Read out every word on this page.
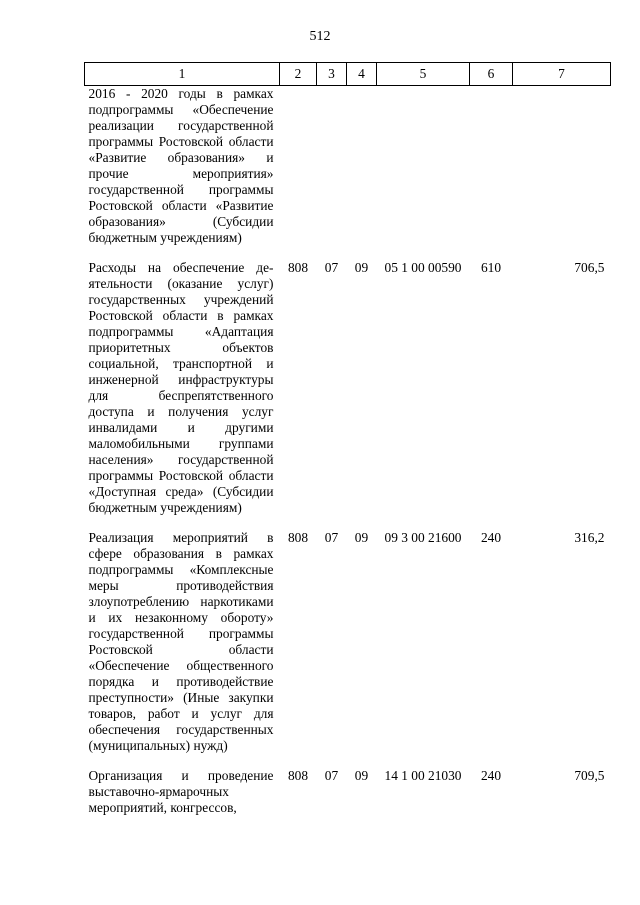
512
1	2	3	4	5	6	7
2016 - 2020 годы в рамках подпрограммы «Обеспечение реализации государственной программы Ростовской области «Развитие образования» и прочие мероприятия» государственной программы Ростовской области «Развитие образования» (Субсидии бюджетным учреждениям)						
Расходы на обеспечение деятельности (оказание услуг) государственных учреждений Ростовской области в рамках подпрограммы «Адаптация приоритетных объектов социальной, транспортной и инженерной инфраструктуры для беспрепятственного доступа и получения услуг инвалидами и другими маломобильными группами населения» государственной программы Ростовской области «Доступная среда» (Субсидии бюджетным учреждениям)	808	07	09	05 1 00 00590	610	706,5
Реализация мероприятий в сфере образования в рамках подпрограммы «Комплексные меры противодействия злоупотреблению наркотиками и их незаконному обороту» государственной программы Ростовской области «Обеспечение общественного порядка и противодействие преступности» (Иные закупки товаров, работ и услуг для обеспечения государственных (муниципальных) нужд)	808	07	09	09 3 00 21600	240	316,2
Организация и проведение выставочно-ярмарочных мероприятий, конгрессов,	808	07	09	14 1 00 21030	240	709,5
